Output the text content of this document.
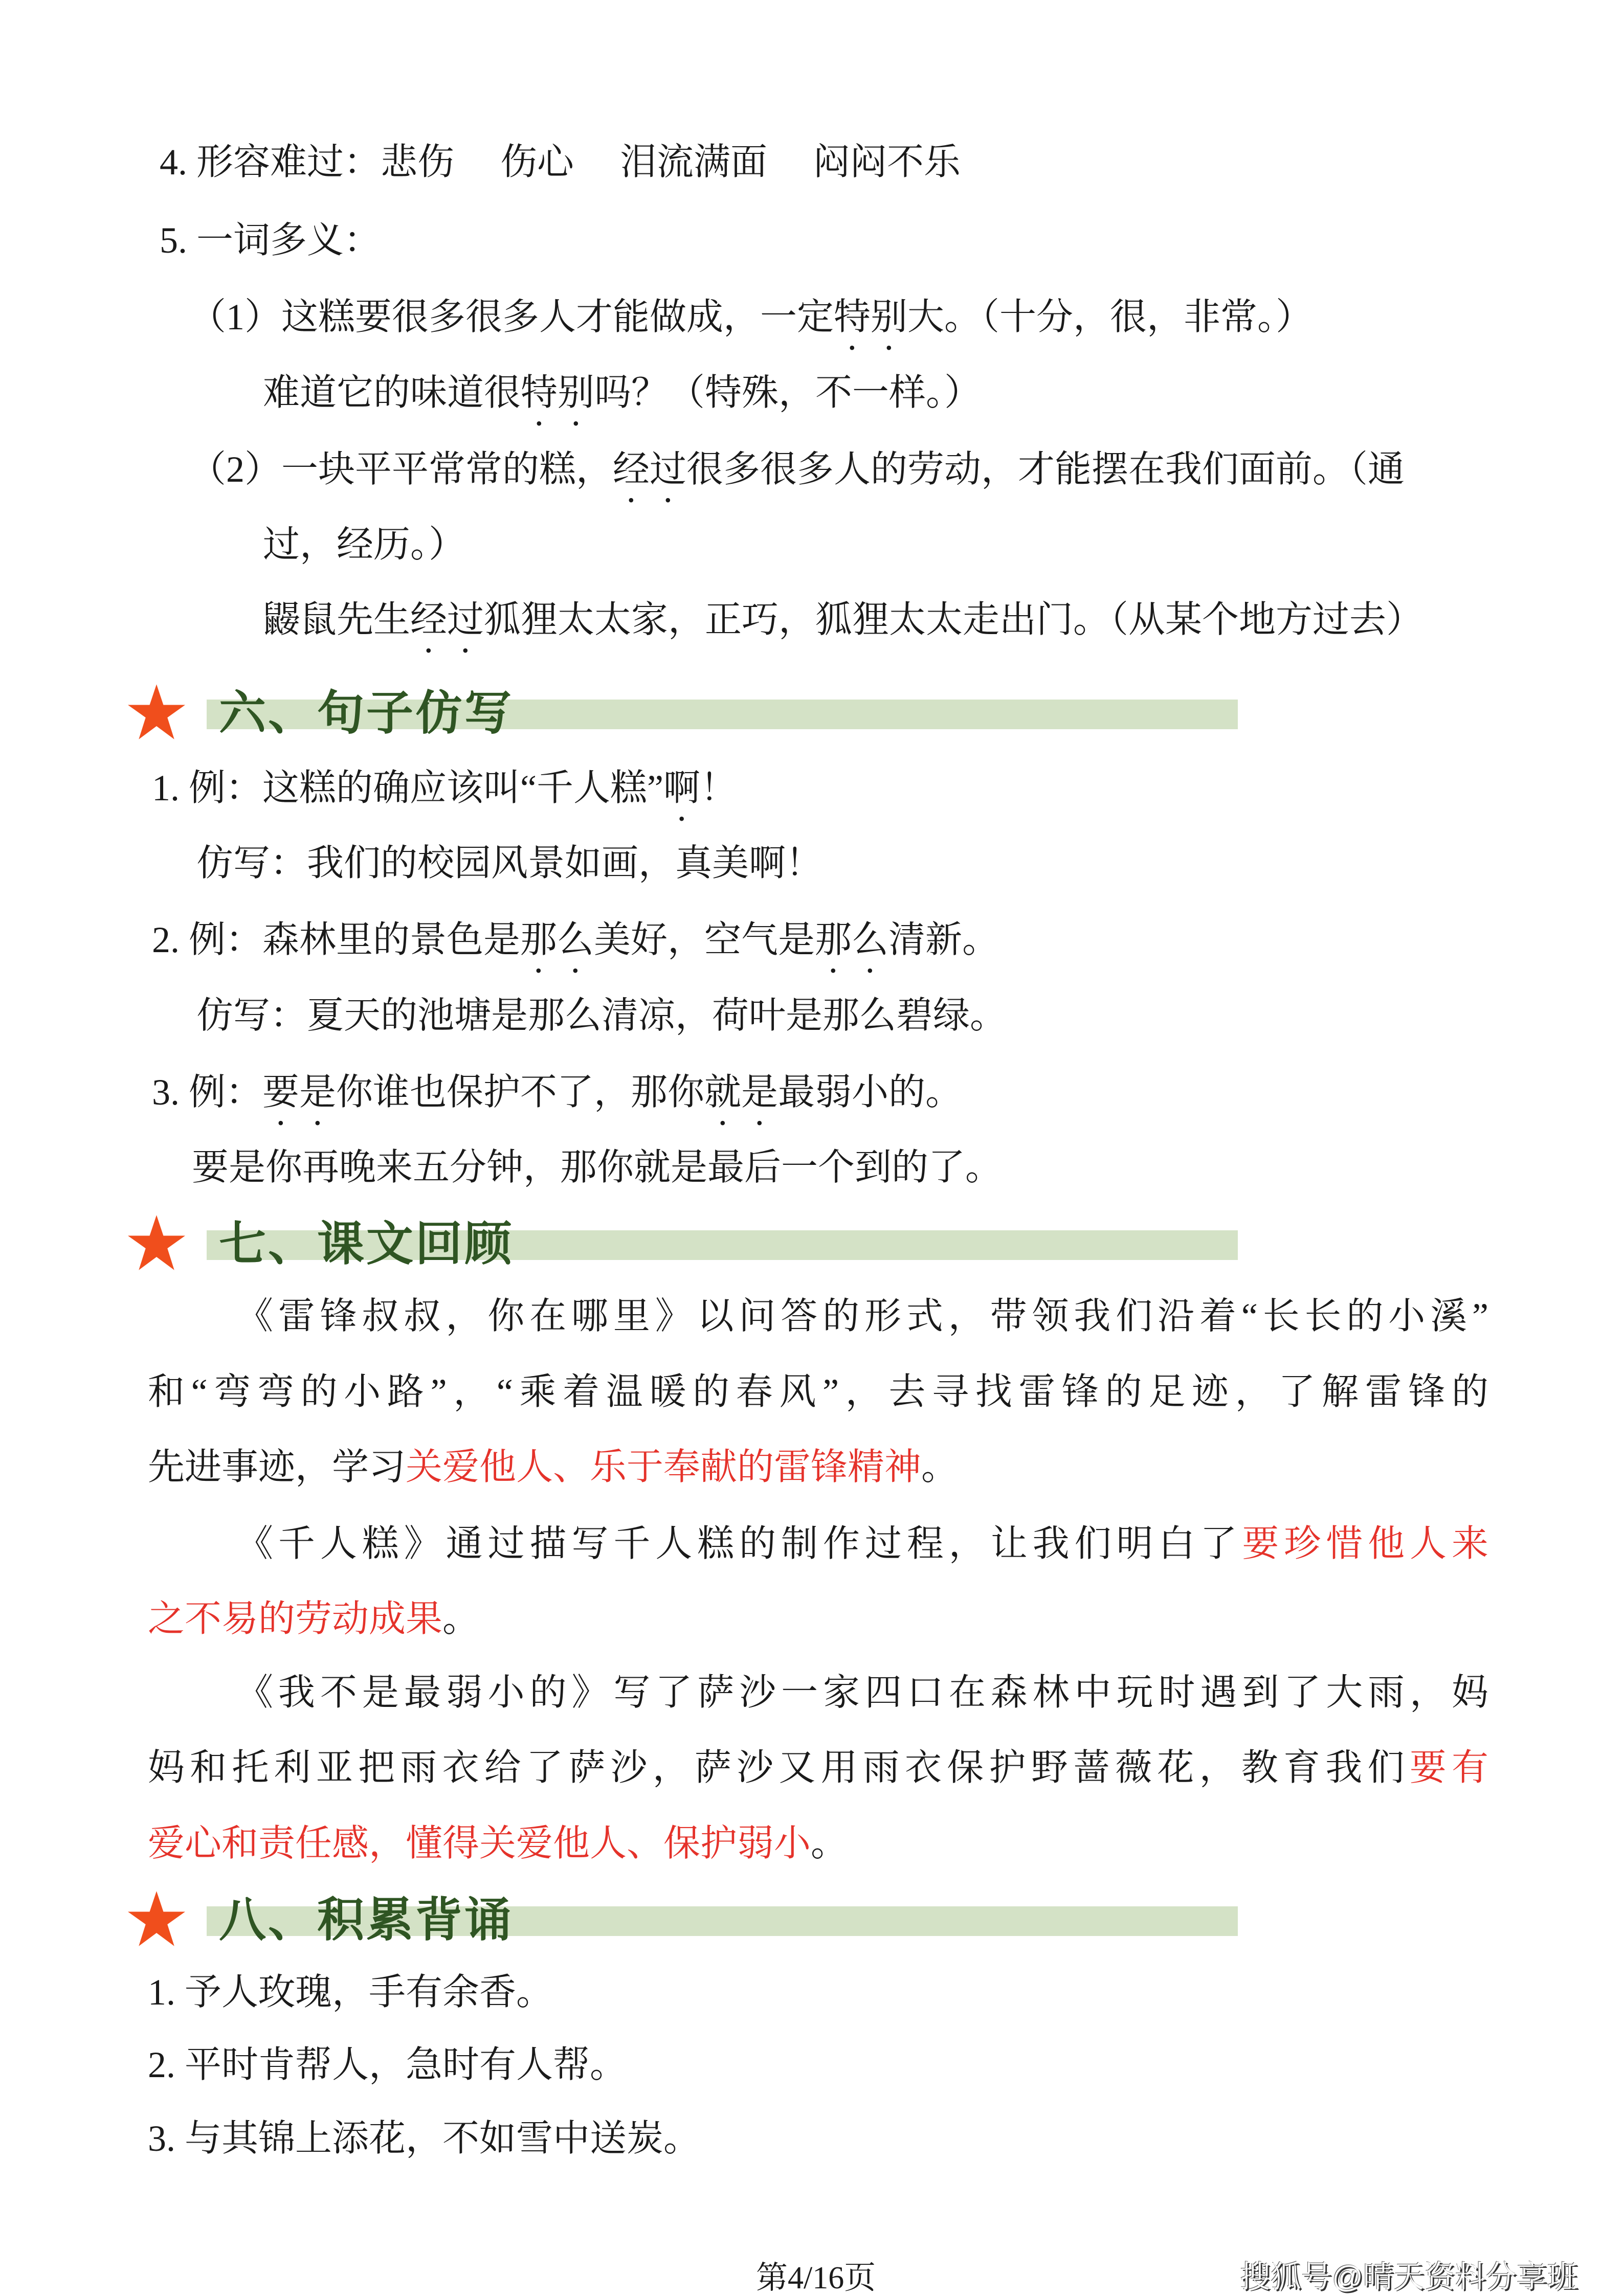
4. 形容难过：悲伤　 伤心　 泪流满面　 闷闷不乐
5. 一词多义：
（1）这糕要很多很多人才能做成，一定特别大。（十分，很，非常。）
难道它的味道很特别吗？（特殊，不一样。）
（2）一块平平常常的糕，经过很多很多人的劳动，才能摆在我们面前。（通
过，经历。）
鼹鼠先生经过狐狸太太家，正巧，狐狸太太走出门。（从某个地方过去）
六、句子仿写
1. 例：这糕的确应该叫“千人糕”啊！
仿写：我们的校园风景如画，真美啊！
2. 例：森林里的景色是那么美好，空气是那么清新。
仿写：夏天的池塘是那么清凉，荷叶是那么碧绿。
3. 例：要是你谁也保护不了，那你就是最弱小的。
要是你再晚来五分钟，那你就是最后一个到的了。
七、课文回顾
《雷锋叔叔，你在哪里》以问答的形式，带领我们沿着“长长的小溪”
和“弯弯的小路”，“乘着温暖的春风”，去寻找雷锋的足迹，了解雷锋的
先进事迹，学习关爱他人、乐于奉献的雷锋精神。
《千人糕》通过描写千人糕的制作过程，让我们明白了要珍惜他人来
之不易的劳动成果。
《我不是最弱小的》写了萨沙一家四口在森林中玩时遇到了大雨，妈
妈和托利亚把雨衣给了萨沙，萨沙又用雨衣保护野蔷薇花，教育我们要有
爱心和责任感，懂得关爱他人、保护弱小。
八、积累背诵
1. 予人玫瑰，手有余香。
2. 平时肯帮人，急时有人帮。
3. 与其锦上添花，不如雪中送炭。
第4/16页	搜狐号@晴天资料分享班
